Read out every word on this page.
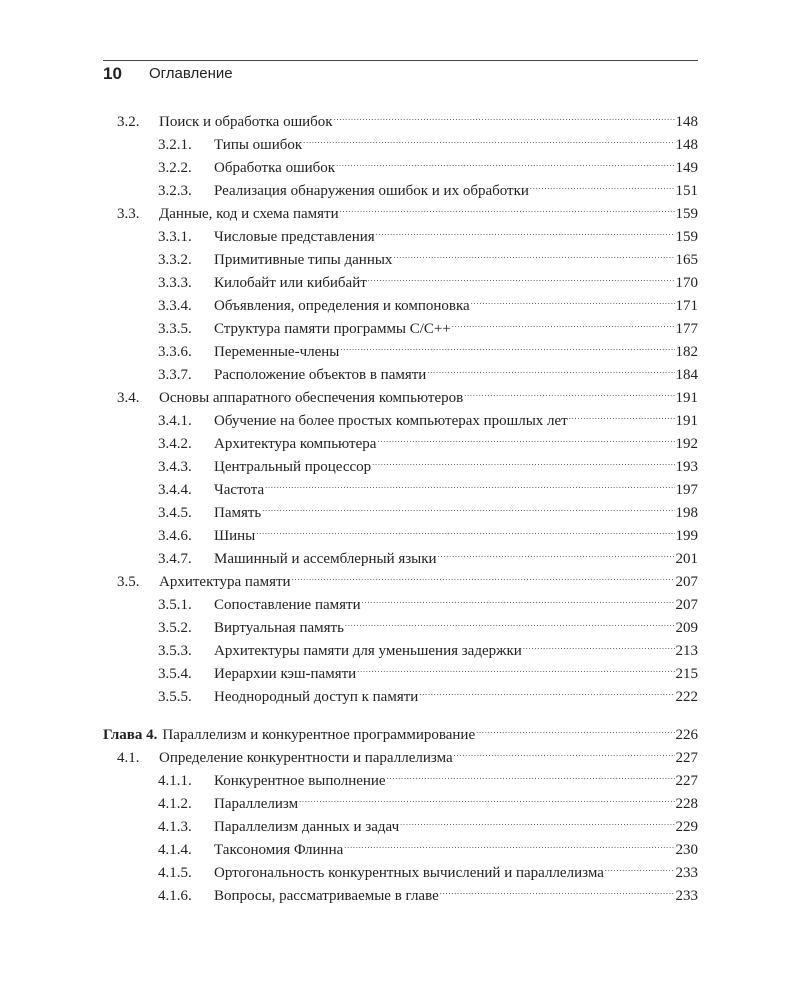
10 Оглавление
3.2.	Поиск и обработка ошибок .....	148
3.2.1.	Типы ошибок .....	148
3.2.2.	Обработка ошибок .....	149
3.2.3.	Реализация обнаружения ошибок и их обработки .....	151
3.3.	Данные, код и схема памяти .....	159
3.3.1.	Числовые представления .....	159
3.3.2.	Примитивные типы данных .....	165
3.3.3.	Килобайт или кибибайт .....	170
3.3.4.	Объявления, определения и компоновка .....	171
3.3.5.	Структура памяти программы C/C++ .....	177
3.3.6.	Переменные-члены .....	182
3.3.7.	Расположение объектов в памяти .....	184
3.4.	Основы аппаратного обеспечения компьютеров .....	191
3.4.1.	Обучение на более простых компьютерах прошлых лет .....	191
3.4.2.	Архитектура компьютера .....	192
3.4.3.	Центральный процессор .....	193
3.4.4.	Частота .....	197
3.4.5.	Память .....	198
3.4.6.	Шины .....	199
3.4.7.	Машинный и ассемблерный языки .....	201
3.5.	Архитектура памяти .....	207
3.5.1.	Сопоставление памяти .....	207
3.5.2.	Виртуальная память .....	209
3.5.3.	Архитектуры памяти для уменьшения задержки .....	213
3.5.4.	Иерархии кэш-памяти .....	215
3.5.5.	Неоднородный доступ к памяти .....	222
Глава 4. Параллелизм и конкурентное программирование .....	226
4.1.	Определение конкурентности и параллелизма .....	227
4.1.1.	Конкурентное выполнение .....	227
4.1.2.	Параллелизм .....	228
4.1.3.	Параллелизм данных и задач .....	229
4.1.4.	Таксономия Флинна .....	230
4.1.5.	Ортогональность конкурентных вычислений и параллелизма .....	233
4.1.6.	Вопросы, рассматриваемые в главе .....	233
